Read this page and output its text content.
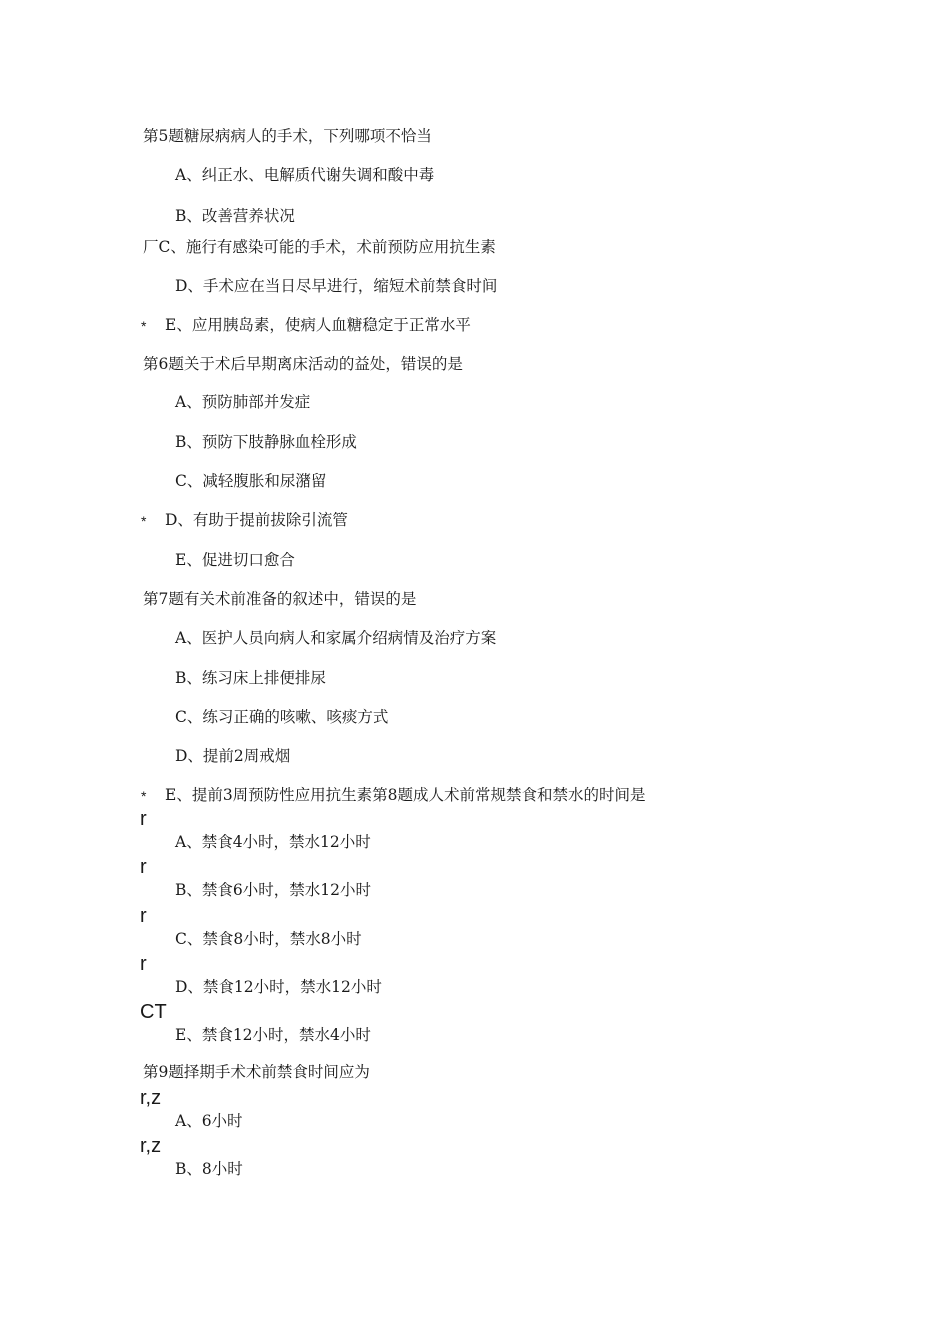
第5题糖尿病病人的手术，下列哪项不恰当
A、纠正水、电解质代谢失调和酸中毒
B、改善营养状况
厂C、施行有感染可能的手术，术前预防应用抗生素
D、手术应在当日尽早进行，缩短术前禁食时间
* E、应用胰岛素，使病人血糖稳定于正常水平
第6题关于术后早期离床活动的益处，错误的是
A、预防肺部并发症
B、预防下肢静脉血栓形成
C、减轻腹胀和尿潴留
* D、有助于提前拔除引流管
E、促进切口愈合
第7题有关术前准备的叙述中，错误的是
A、医护人员向病人和家属介绍病情及治疗方案
B、练习床上排便排尿
C、练习正确的咳嗽、咳痰方式
D、提前2周戒烟
* E、提前3周预防性应用抗生素第8题成人术前常规禁食和禁水的时间是
r
A、禁食4小时，禁水12小时
r
B、禁食6小时，禁水12小时
r
C、禁食8小时，禁水8小时
r
D、禁食12小时，禁水12小时
CT
E、禁食12小时，禁水4小时
第9题择期手术术前禁食时间应为
r,z
A、6小时
r,z
B、8小时
